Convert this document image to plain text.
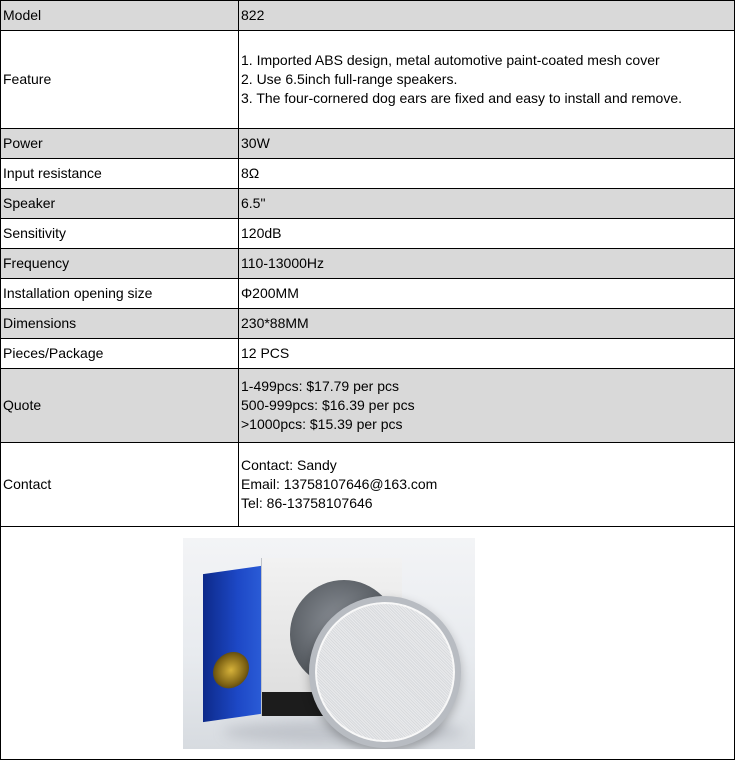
Model	822

Feature	1. Imported ABS design, metal automotive paint-coated mesh cover
2. Use 6.5inch full-range speakers.
3. The four-cornered dog ears are fixed and easy to install and remove.

Power	30W

Input resistance	8Ω

Speaker	6.5"

Sensitivity	120dB

Frequency	110-13000Hz

Installation opening size	Φ200MM

Dimensions	230*88MM

Pieces/Package	12 PCS

Quote	1-499pcs: $17.79 per pcs
500-999pcs: $16.39 per pcs
>1000pcs: $15.39 per pcs

Contact	Contact: Sandy
Email: 13758107646@163.com
Tel: 86-13758107646
